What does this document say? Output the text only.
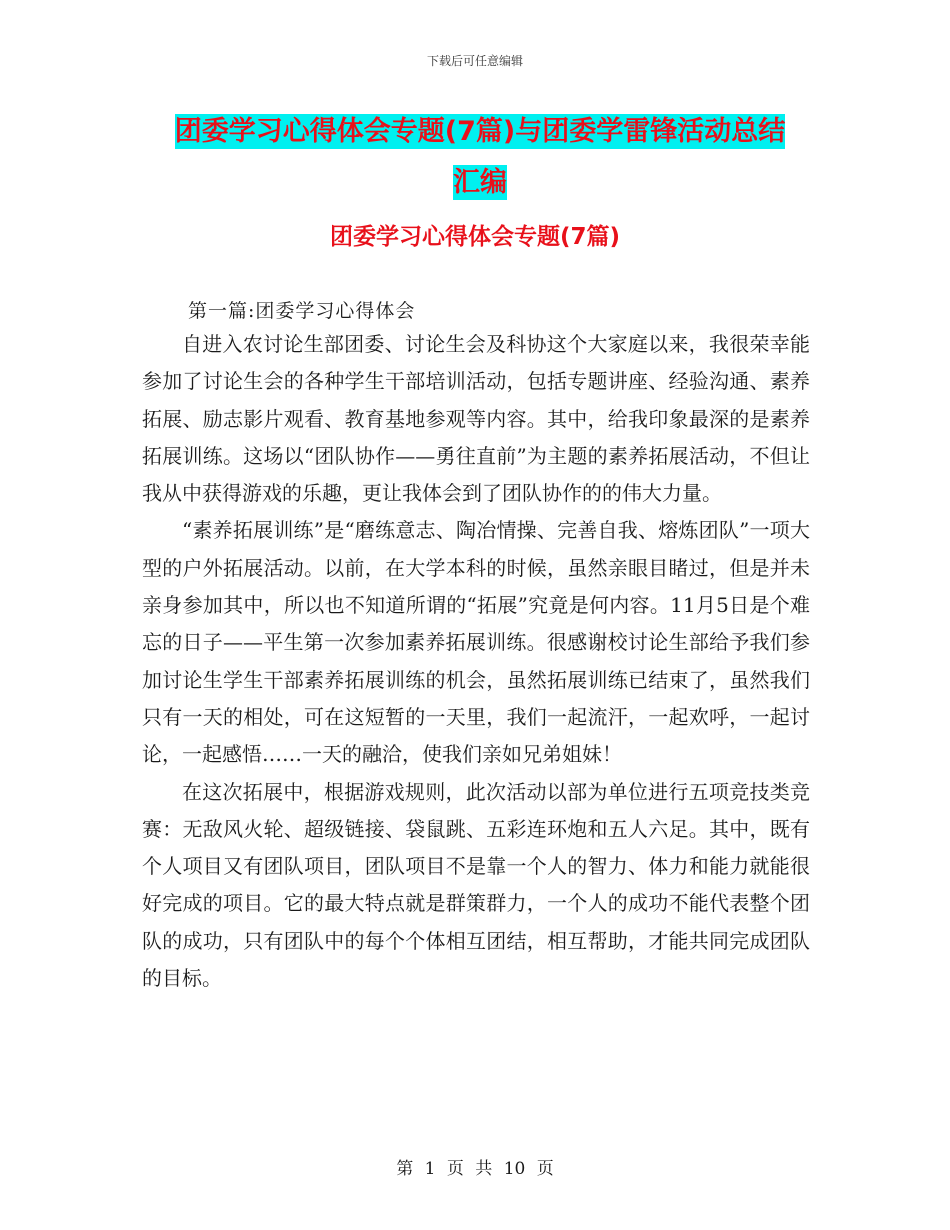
下载后可任意编辑
团委学习心得体会专题(7篇)与团委学雷锋活动总结
汇编
团委学习心得体会专题(7篇)
第一篇:团委学习心得体会

自进入农讨论生部团委、讨论生会及科协这个大家庭以来，我很荣幸能参加了讨论生会的各种学生干部培训活动，包括专题讲座、经验沟通、素养拓展、励志影片观看、教育基地参观等内容。其中，给我印象最深的是素养拓展训练。这场以“团队协作——勇往直前”为主题的素养拓展活动，不但让我从中获得游戏的乐趣，更让我体会到了团队协作的的伟大力量。

“素养拓展训练”是“磨练意志、陶冶情操、完善自我、熔炼团队”一项大型的户外拓展活动。以前，在大学本科的时候，虽然亲眼目睹过，但是并未亲身参加其中，所以也不知道所谓的“拓展”究竟是何内容。11月5日是个难忘的日子——平生第一次参加素养拓展训练。很感谢校讨论生部给予我们参加讨论生学生干部素养拓展训练的机会，虽然拓展训练已结束了，虽然我们只有一天的相处，可在这短暂的一天里，我们一起流汗，一起欢呼，一起讨论，一起感悟……一天的融洽，使我们亲如兄弟姐妹！

在这次拓展中，根据游戏规则，此次活动以部为单位进行五项竞技类竞赛：无敌风火轮、超级链接、袋鼠跳、五彩连环炮和五人六足。其中，既有个人项目又有团队项目，团队项目不是靠一个人的智力、体力和能力就能很好完成的项目。它的最大特点就是群策群力，一个人的成功不能代表整个团队的成功，只有团队中的每个个体相互团结，相互帮助，才能共同完成团队的目标。

第 1 页 共 10 页
